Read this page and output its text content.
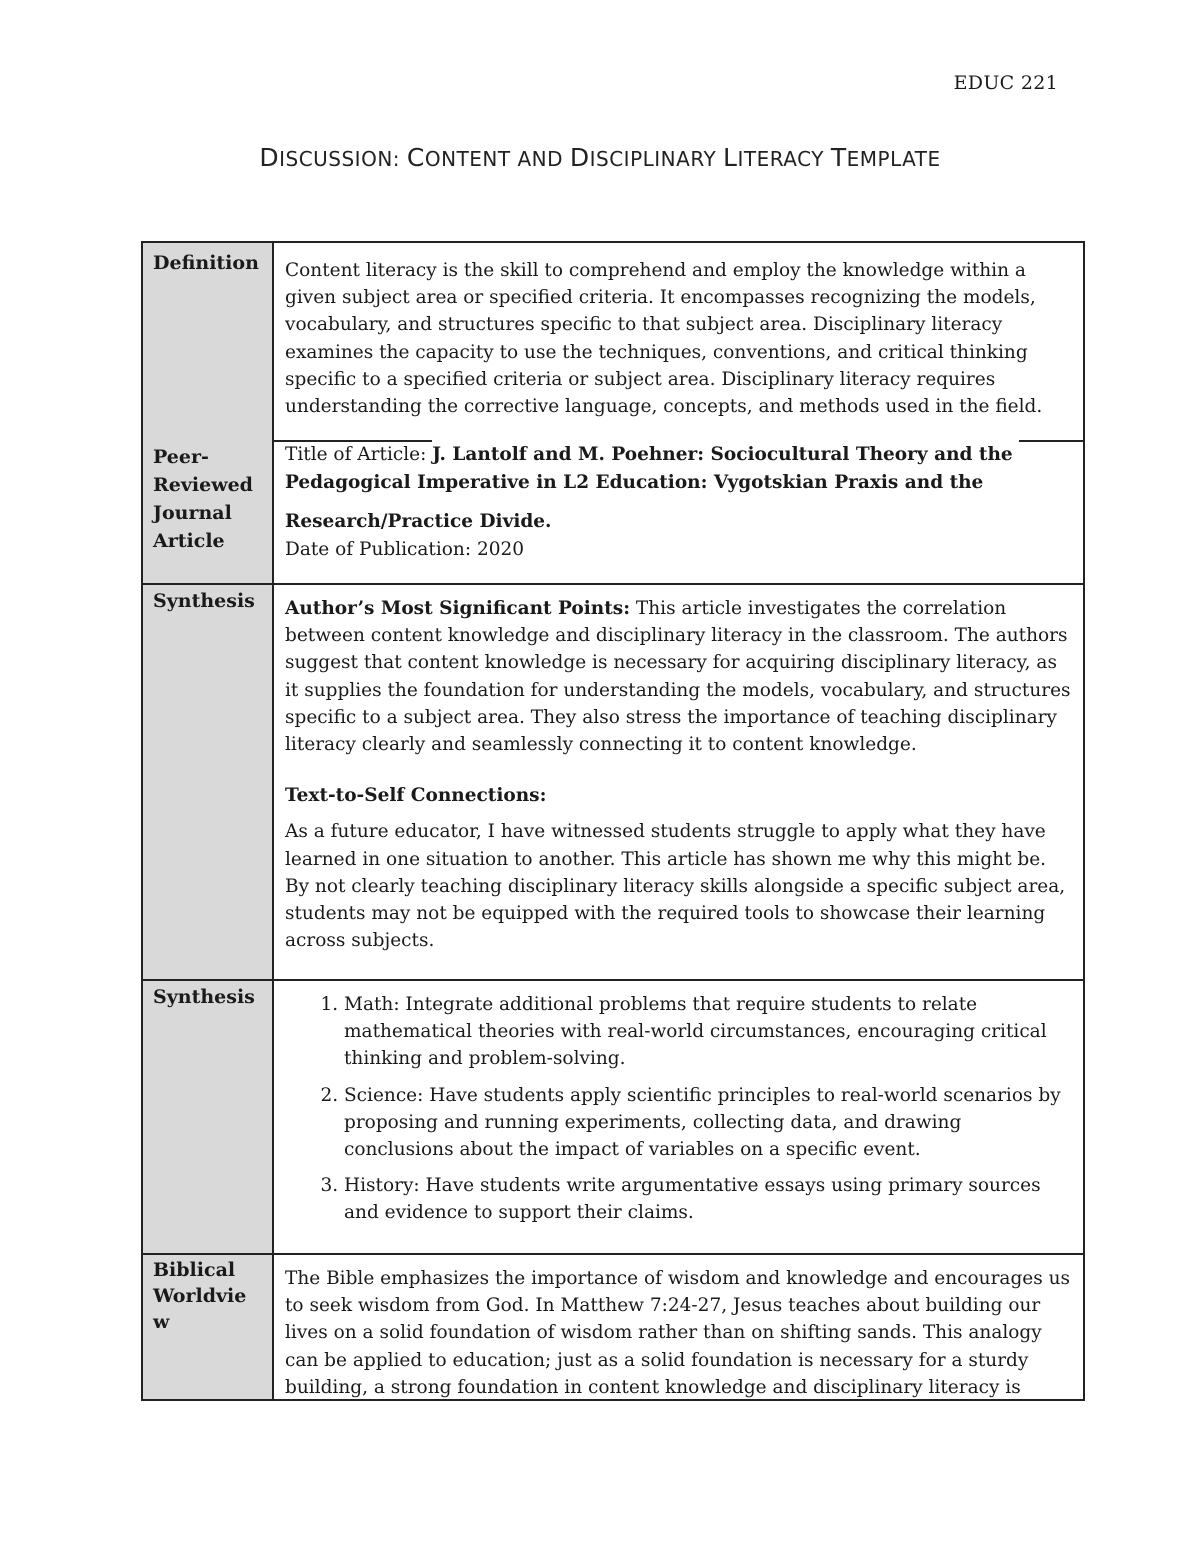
EDUC 221
DISCUSSION: CONTENT AND DISCIPLINARY LITERACY TEMPLATE
Definition	Content literacy is the skill to comprehend and employ the knowledge within a given subject area or specified criteria. It encompasses recognizing the models, vocabulary, and structures specific to that subject area. Disciplinary literacy examines the capacity to use the techniques, conventions, and critical thinking specific to a specified criteria or subject area. Disciplinary literacy requires understanding the corrective language, concepts, and methods used in the field.

Peer-Reviewed Journal Article

Title of Article: J. Lantolf and M. Poehner: Sociocultural Theory and the

Pedagogical Imperative in L2 Education: Vygotskian Praxis and the

Research/Practice Divide.

Date of Publication: 2020

Synthesis	Author’s Most Significant Points: This article investigates the correlation between content knowledge and disciplinary literacy in the classroom. The authors suggest that content knowledge is necessary for acquiring disciplinary literacy, as it supplies the foundation for understanding the models, vocabulary, and structures specific to a subject area. They also stress the importance of teaching disciplinary literacy clearly and seamlessly connecting it to content knowledge.

Text-to-Self Connections:

As a future educator, I have witnessed students struggle to apply what they have learned in one situation to another. This article has shown me why this might be. By not clearly teaching disciplinary literacy skills alongside a specific subject area, students may not be equipped with the required tools to showcase their learning across subjects.

Synthesis
1.	Math: Integrate additional problems that require students to relate mathematical theories with real-world circumstances, encouraging critical thinking and problem-solving.
2. Science: Have students apply scientific principles to real-world scenarios by proposing and running experiments, collecting data, and drawing conclusions about the impact of variables on a specific event.
3. History: Have students write argumentative essays using primary sources and evidence to support their claims.
Biblical Worldview

The Bible emphasizes the importance of wisdom and knowledge and encourages us to seek wisdom from God. In Matthew 7:24-27, Jesus teaches about building our lives on a solid foundation of wisdom rather than on shifting sands. This analogy can be applied to education; just as a solid foundation is necessary for a sturdy building, a strong foundation in content knowledge and disciplinary literacy is
